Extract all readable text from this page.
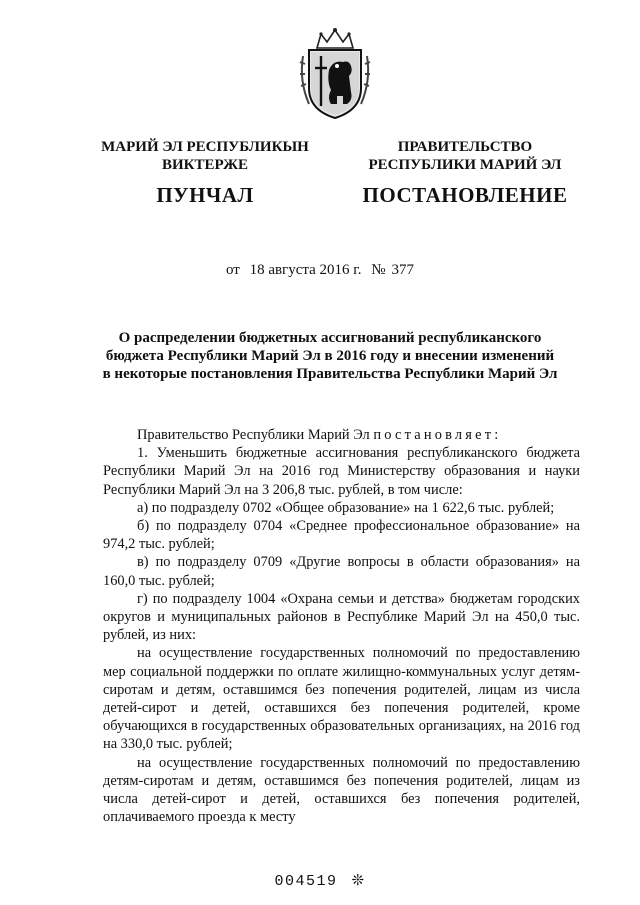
МАРИЙ ЭЛ РЕСПУБЛИКЫН
ВИКТЕРЖЕ
ПУНЧАЛ
ПРАВИТЕЛЬСТВО
РЕСПУБЛИКИ МАРИЙ ЭЛ
ПОСТАНОВЛЕНИЕ
от 18 августа 2016 г. № 377
О распределении бюджетных ассигнований республиканского
бюджета Республики Марий Эл в 2016 году и внесении изменений
в некоторые постановления Правительства Республики Марий Эл

Правительство Республики Марий Эл постановляет:

1. Уменьшить бюджетные ассигнования республиканского бюджета Республики Марий Эл на 2016 год Министерству образования и науки Республики Марий Эл на 3 206,8 тыс. рублей, в том числе:

а) по подразделу 0702 «Общее образование» на 1 622,6 тыс. рублей;

б) по подразделу 0704 «Среднее профессиональное образование» на 974,2 тыс. рублей;

в) по подразделу 0709 «Другие вопросы в области образования» на 160,0 тыс. рублей;

г) по подразделу 1004 «Охрана семьи и детства» бюджетам городских округов и муниципальных районов в Республике Марий Эл на 450,0 тыс. рублей, из них:

на осуществление государственных полномочий по предоставлению мер социальной поддержки по оплате жилищно-коммунальных услуг детям-сиротам и детям, оставшимся без попечения родителей, лицам из числа детей-сирот и детей, оставшихся без попечения родителей, кроме обучающихся в государственных образовательных организациях, на 2016 год на 330,0 тыс. рублей;

на осуществление государственных полномочий по предоставлению детям-сиротам и детям, оставшимся без попечения родителей, лицам из числа детей-сирот и детей, оставшихся без попечения родителей, оплачиваемого проезда к месту

004519 ❊
